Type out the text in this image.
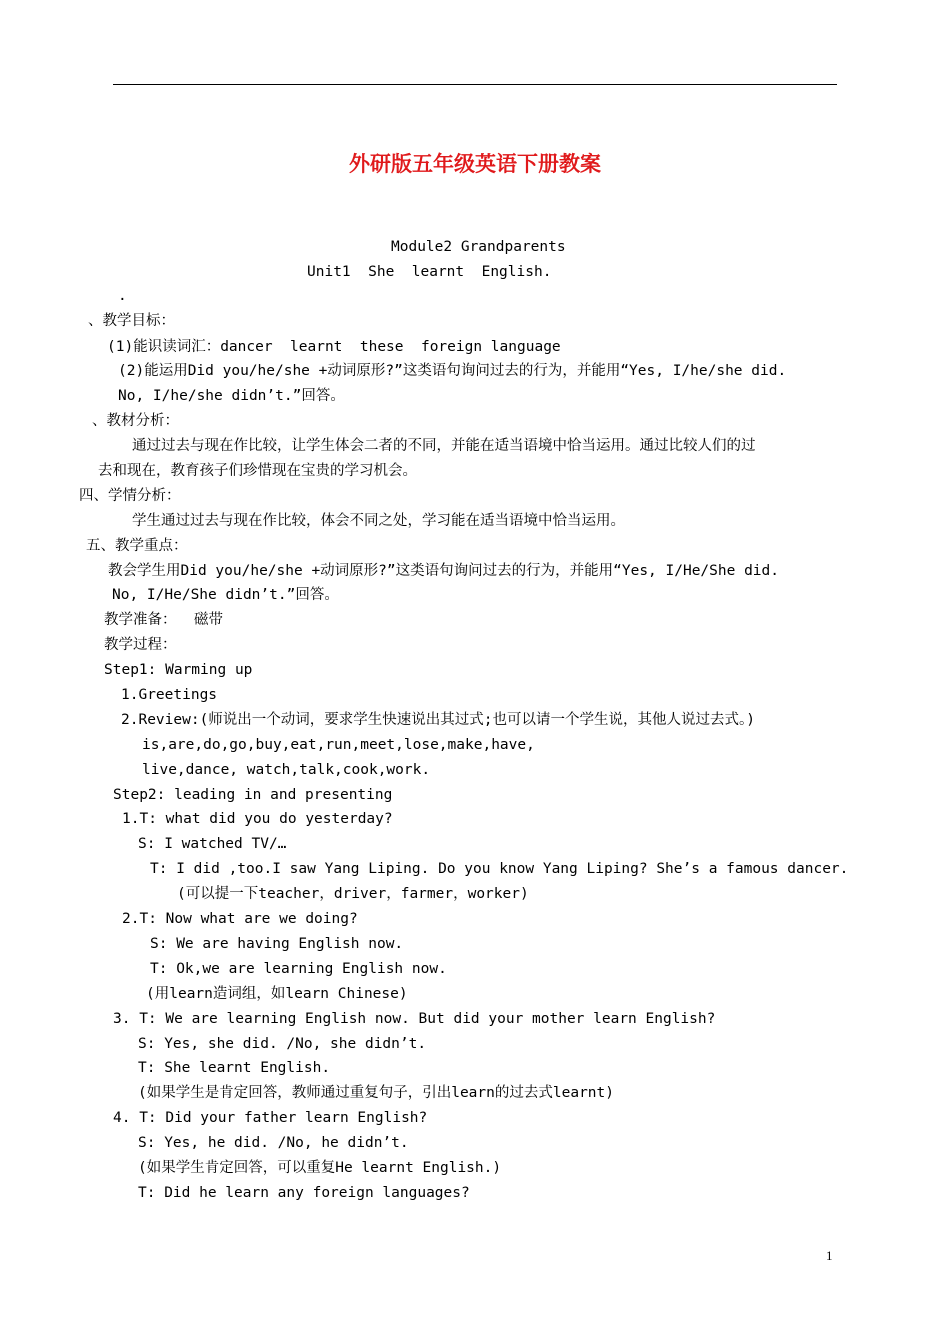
外研版五年级英语下册教案
Module2 Grandparents
Unit1  She  learnt  English.
.
、教学目标：
(1)能识读词汇：dancer  learnt  these  foreign language
(2)能运用Did you/he/she +动词原形?”这类语句询问过去的行为，并能用“Yes, I/he/she did.
No, I/he/she didn’t.”回答。
、教材分析：
通过过去与现在作比较，让学生体会二者的不同，并能在适当语境中恰当运用。通过比较人们的过
去和现在，教育孩子们珍惜现在宝贵的学习机会。
四、学情分析：
学生通过过去与现在作比较，体会不同之处，学习能在适当语境中恰当运用。
五、教学重点：
教会学生用Did you/he/she +动词原形?”这类语句询问过去的行为，并能用“Yes, I/He/She did.
No, I/He/She didn’t.”回答。
教学准备：  磁带
教学过程：
Step1: Warming up
1.Greetings
2.Review:(师说出一个动词，要求学生快速说出其过式;也可以请一个学生说，其他人说过去式。)
is,are,do,go,buy,eat,run,meet,lose,make,have,
live,dance, watch,talk,cook,work.
Step2: leading in and presenting
1.T: what did you do yesterday?
S: I watched TV/…
T: I did ,too.I saw Yang Liping. Do you know Yang Liping? She’s a famous dancer.
(可以提一下teacher，driver，farmer，worker)
2.T: Now what are we doing?
S: We are having English now.
T: Ok,we are learning English now.
(用learn造词组，如learn Chinese)
3. T: We are learning English now. But did your mother learn English?
S: Yes, she did. /No, she didn’t.
T: She learnt English.
(如果学生是肯定回答，教师通过重复句子，引出learn的过去式learnt)
4. T: Did your father learn English?
S: Yes, he did. /No, he didn’t.
(如果学生肯定回答，可以重复He learnt English.)
T: Did he learn any foreign languages?
1
